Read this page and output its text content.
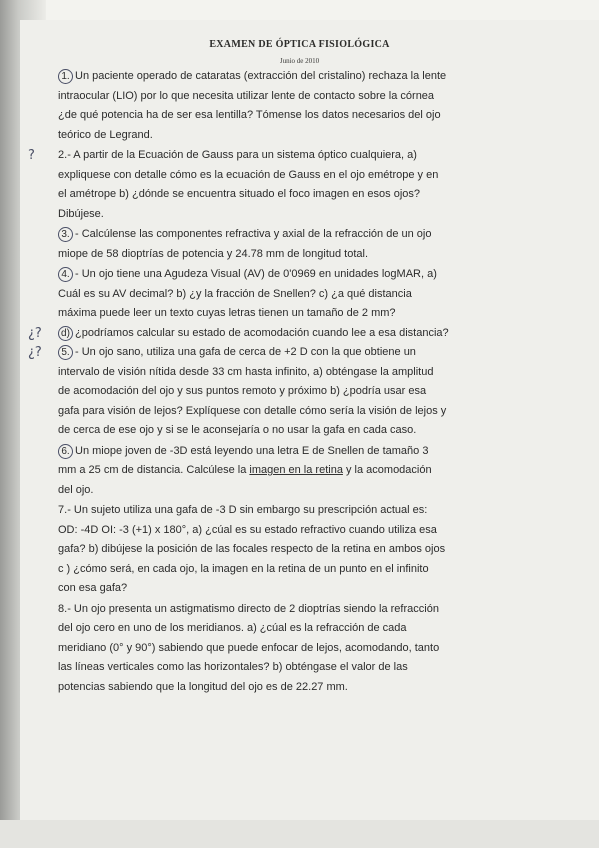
EXAMEN DE ÓPTICA FISIOLÓGICA
Junio de 2010
1. Un paciente operado de cataratas (extracción del cristalino) rechaza la lente
intraocular (LIO) por lo que necesita utilizar lente de contacto sobre la córnea
¿de qué potencia ha de ser esa lentilla? Tómense los datos necesarios del ojo
teórico de Legrand.
? 2.- A partir de la Ecuación de Gauss para un sistema óptico cualquiera, a)
expliquese con detalle cómo es la ecuación de Gauss en el ojo emétrope y en
el amétrope b) ¿dónde se encuentra situado el foco imagen en esos ojos?
Dibújese.
3. - Calcúlense las componentes refractiva y axial de la refracción de un ojo
miope de 58 dioptrías de potencia y 24.78 mm de longitud total.
4. - Un ojo tiene una Agudeza Visual (AV) de 0'0969 en unidades logMAR, a)
Cuál es su AV decimal? b) ¿y la fracción de Snellen? c) ¿a qué distancia
máxima puede leer un texto cuyas letras tienen un tamaño de 2 mm?
¿? d) ¿podríamos calcular su estado de acomodación cuando lee a esa distancia?
¿? 5. - Un ojo sano, utiliza una gafa de cerca de +2 D con la que obtiene un
intervalo de visión nítida desde 33 cm hasta infinito, a) obténgase la amplitud
de acomodación del ojo y sus puntos remoto y próximo b) ¿podría usar esa
gafa para visión de lejos? Explíquese con detalle cómo sería la visión de lejos y
de cerca de ese ojo y si se le aconsejaría o no usar la gafa en cada caso.
6. Un miope joven de -3D está leyendo una letra E de Snellen de tamaño 3
mm a 25 cm de distancia. Calcúlese la imagen en la retina y la acomodación
del ojo.
7.- Un sujeto utiliza una gafa de -3 D sin embargo su prescripción actual es:
OD: -4D OI: -3 (+1) x 180°, a) ¿cúal es su estado refractivo cuando utiliza esa
gafa? b) dibújese la posición de las focales respecto de la retina en ambos ojos
c ) ¿cómo será, en cada ojo, la imagen en la retina de un punto en el infinito
con esa gafa?
8.- Un ojo presenta un astigmatismo directo de 2 dioptrías siendo la refracción
del ojo cero en uno de los meridianos. a) ¿cúal es la refracción de cada
meridiano (0° y 90°) sabiendo que puede enfocar de lejos, acomodando, tanto
las líneas verticales como las horizontales? b) obténgase el valor de las
potencias sabiendo que la longitud del ojo es de 22.27 mm.
